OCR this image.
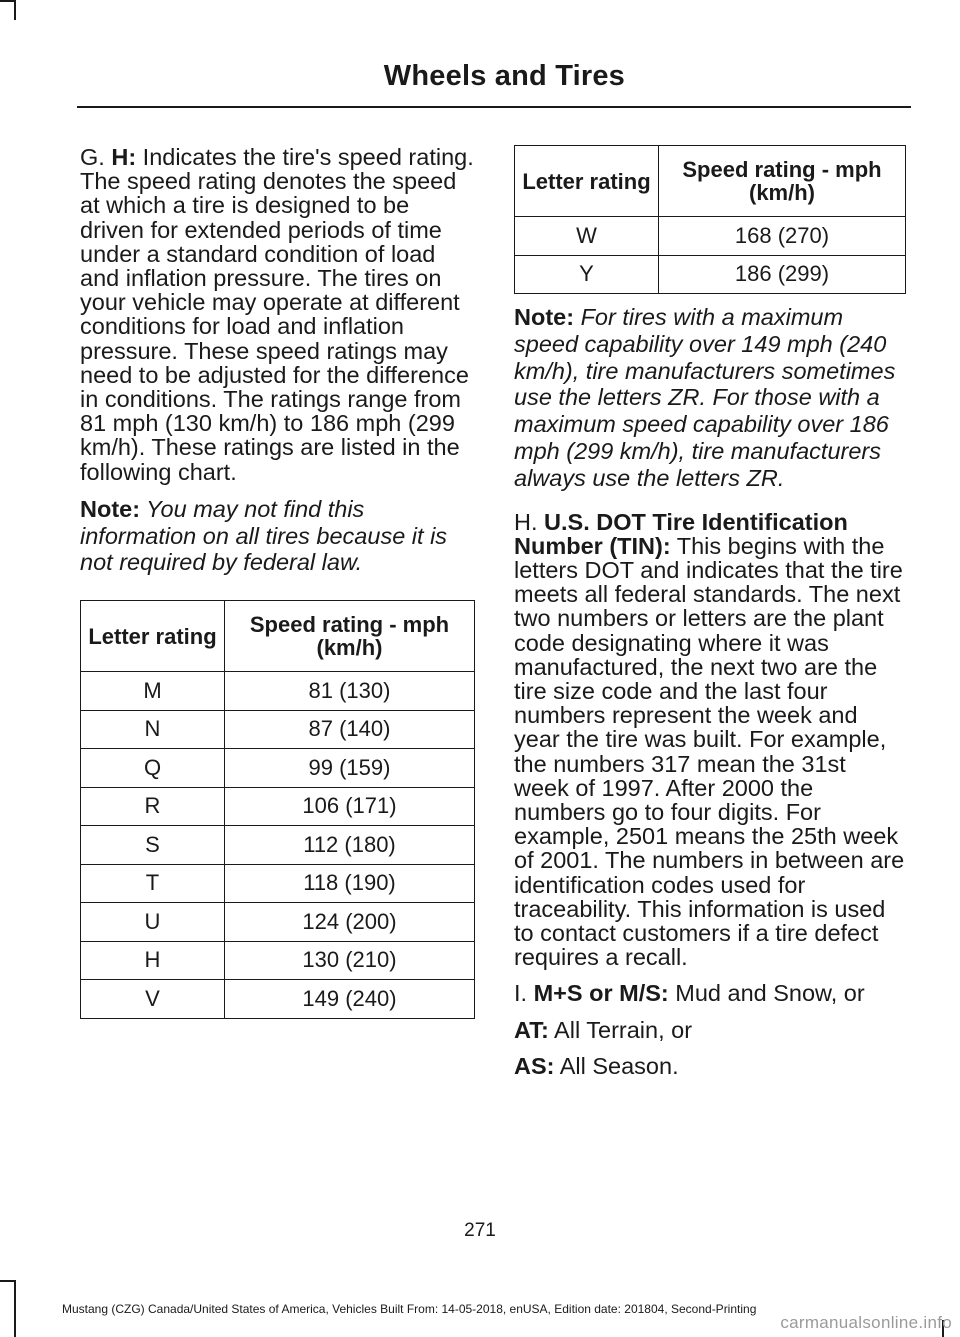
Wheels and Tires

G. H: Indicates the tire's speed rating. The speed rating denotes the speed at which a tire is designed to be driven for extended periods of time under a standard condition of load and inflation pressure. The tires on your vehicle may operate at different conditions for load and inflation pressure. These speed ratings may need to be adjusted for the difference in conditions. The ratings range from 81 mph (130 km/h) to 186 mph (299 km/h). These ratings are listed in the following chart.

Note: You may not find this information on all tires because it is not required by federal law.

Letter rating	Speed rating - mph (km/h)
M	81 (130)
N	87 (140)
Q	99 (159)
R	106 (171)
S	112 (180)
T	118 (190)
U	124 (200)
H	130 (210)
V	149 (240)
Letter rating	Speed rating - mph (km/h)
W	168 (270)
Y	186 (299)

Note: For tires with a maximum speed capability over 149 mph (240 km/h), tire manufacturers sometimes use the letters ZR. For those with a maximum speed capability over 186 mph (299 km/h), tire manufacturers always use the letters ZR.

H. U.S. DOT Tire Identification Number (TIN): This begins with the letters DOT and indicates that the tire meets all federal standards. The next two numbers or letters are the plant code designating where it was manufactured, the next two are the tire size code and the last four numbers represent the week and year the tire was built. For example, the numbers 317 mean the 31st week of 1997. After 2000 the numbers go to four digits. For example, 2501 means the 25th week of 2001. The numbers in between are identification codes used for traceability. This information is used to contact customers if a tire defect requires a recall.

I. M+S or M/S: Mud and Snow, or

AT: All Terrain, or

AS: All Season.

271
Mustang (CZG) Canada/United States of America, Vehicles Built From: 14-05-2018, enUSA, Edition date: 201804, Second-Printing
carmanualsonline.info
